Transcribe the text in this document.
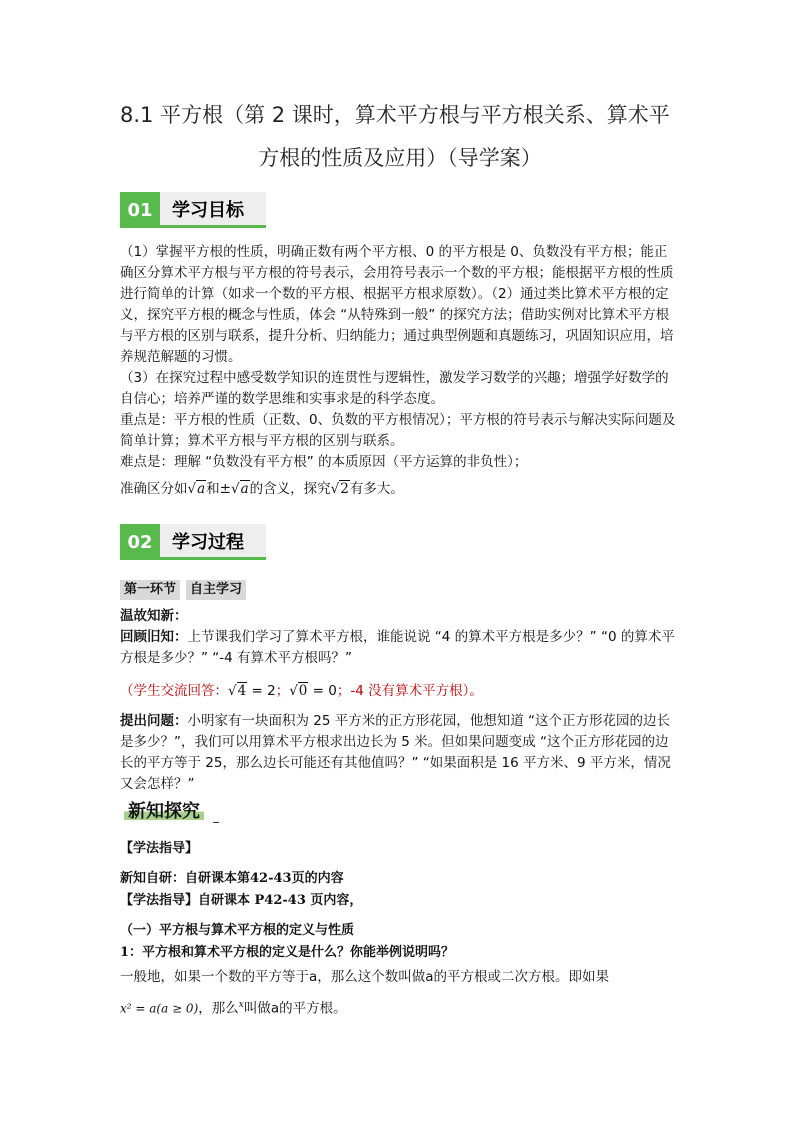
8.1 平方根（第 2 课时，算术平方根与平方根关系、算术平
方根的性质及应用）（导学案）
01	学习目标

（1）掌握平方根的性质，明确正数有两个平方根、0 的平方根是 0、负数没有平方根；能正确区分算术平方根与平方根的符号表示，会用符号表示一个数的平方根；能根据平方根的性质进行简单的计算（如求一个数的平方根、根据平方根求原数）。（2）通过类比算术平方根的定义，探究平方根的概念与性质，体会 “从特殊到一般” 的探究方法；借助实例对比算术平方根与平方根的区别与联系，提升分析、归纳能力；通过典型例题和真题练习，巩固知识应用，培养规范解题的习惯。

（3）在探究过程中感受数学知识的连贯性与逻辑性，激发学习数学的兴趣；增强学好数学的自信心；培养严谨的数学思维和实事求是的科学态度。

重点是：平方根的性质（正数、0、负数的平方根情况）；平方根的符号表示与解决实际问题及简单计算；算术平方根与平方根的区别与联系。

难点是：理解 “负数没有平方根” 的本质原因（平方运算的非负性）；

准确区分如√a和±√a的含义，探究√2有多大。

02	学习过程
第一环节	自主学习

温故知新：

回顾旧知：上节课我们学习了算术平方根，谁能说说 “4 的算术平方根是多少？” “0 的算术平方根是多少？” “-4 有算术平方根吗？”

（学生交流回答：√4 = 2；√0 = 0；-4 没有算术平方根）。

提出问题：小明家有一块面积为 25 平方米的正方形花园，他想知道 “这个正方形花园的边长是多少？”，我们可以用算术平方根求出边长为 5 米。但如果问题变成 “这个正方形花园的边长的平方等于 25，那么边长可能还有其他值吗？” “如果面积是 16 平方米、9 平方米，情况又会怎样？”

新知探究

【学法指导】

新知自研：自研课本第42-43页的内容

【学法指导】自研课本 P42-43 页内容，

（一）平方根与算术平方根的定义与性质

1：平方根和算术平方根的定义是什么？你能举例说明吗？

一般地，如果一个数的平方等于a，那么这个数叫做a的平方根或二次方根。即如果

x² = a(a ≥ 0)，那么$^x$叫做a的平方根。
